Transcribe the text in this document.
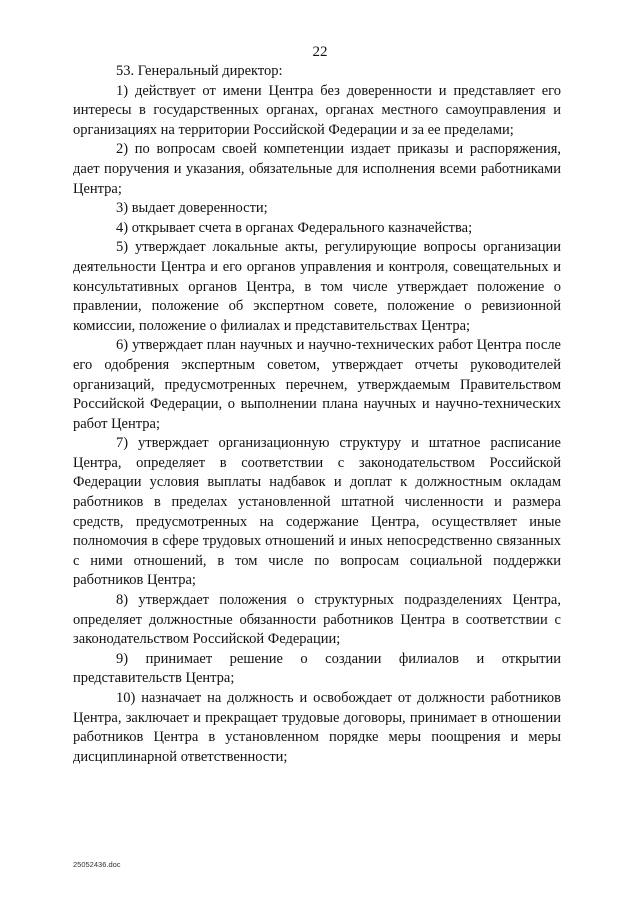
22

53. Генеральный директор:

1) действует от имени Центра без доверенности и представляет его интересы в государственных органах, органах местного самоуправления и организациях на территории Российской Федерации и за ее пределами;

2) по вопросам своей компетенции издает приказы и распоряжения, дает поручения и указания, обязательные для исполнения всеми работниками Центра;

3) выдает доверенности;

4) открывает счета в органах Федерального казначейства;

5) утверждает локальные акты, регулирующие вопросы организации деятельности Центра и его органов управления и контроля, совещательных и консультативных органов Центра, в том числе утверждает положение о правлении, положение об экспертном совете, положение о ревизионной комиссии, положение о филиалах и представительствах Центра;

6) утверждает план научных и научно-технических работ Центра после его одобрения экспертным советом, утверждает отчеты руководителей организаций, предусмотренных перечнем, утверждаемым Правительством Российской Федерации, о выполнении плана научных и научно-технических работ Центра;

7) утверждает организационную структуру и штатное расписание Центра, определяет в соответствии с законодательством Российской Федерации условия выплаты надбавок и доплат к должностным окладам работников в пределах установленной штатной численности и размера средств, предусмотренных на содержание Центра, осуществляет иные полномочия в сфере трудовых отношений и иных непосредственно связанных с ними отношений, в том числе по вопросам социальной поддержки работников Центра;

8) утверждает положения о структурных подразделениях Центра, определяет должностные обязанности работников Центра в соответствии с законодательством Российской Федерации;

9) принимает решение о создании филиалов и открытии представительств Центра;

10) назначает на должность и освобождает от должности работников Центра, заключает и прекращает трудовые договоры, принимает в отношении работников Центра в установленном порядке меры поощрения и меры дисциплинарной ответственности;

25052436.doc
